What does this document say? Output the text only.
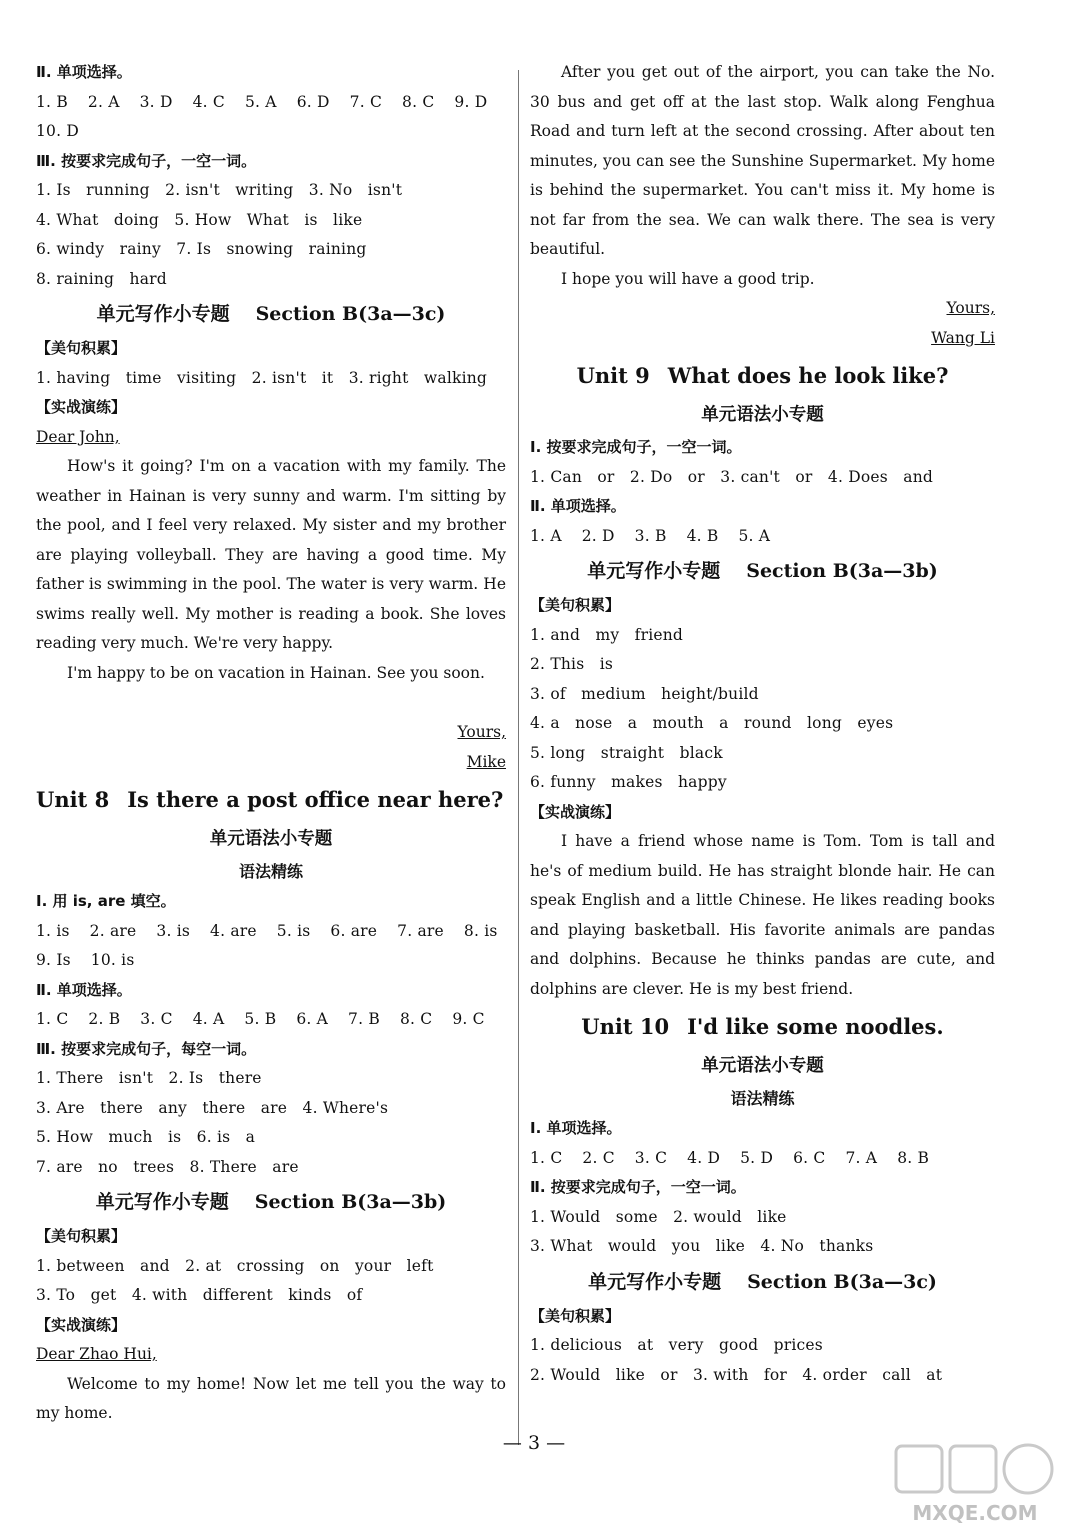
Ⅱ. 单项选择。
1. B 2. A 3. D 4. C 5. A 6. D 7. C 8. C 9. D
10. D
Ⅲ. 按要求完成句子，一空一词。
1. Is   running   2. isn't   writing   3. No   isn't
4. What   doing   5. How   What   is   like
6. windy   rainy   7. Is   snowing   raining
8. raining   hard
单元写作小专题 Section B(3a—3c)
【美句积累】
1. having   time   visiting   2. isn't   it   3. right   walking
【实战演练】
Dear John,
How's it going? I'm on a vacation with my family. The weather in Hainan is very sunny and warm. I'm sitting by the pool, and I feel very relaxed. My sister and my brother are playing volleyball. They are having a good time. My father is swimming in the pool. The water is very warm. He swims really well. My mother is reading a book. She loves reading very much. We're very happy.
I'm happy to be on vacation in Hainan. See you soon.
Yours,
Mike
Unit 8 Is there a post office near here?
单元语法小专题
语法精练
Ⅰ. 用 is, are 填空。
1. is 2. are 3. is 4. are 5. is 6. are 7. are 8. is
9. Is 10. is
Ⅱ. 单项选择。
1. C 2. B 3. C 4. A 5. B 6. A 7. B 8. C 9. C
Ⅲ. 按要求完成句子，每空一词。
1. There   isn't   2. Is   there
3. Are   there   any   there   are   4. Where's
5. How   much   is   6. is   a
7. are   no   trees   8. There   are
单元写作小专题 Section B(3a—3b)
【美句积累】
1. between   and   2. at   crossing   on   your   left
3. To   get   4. with   different   kinds   of
【实战演练】
Dear Zhao Hui,
Welcome to my home! Now let me tell you the way to my home.
After you get out of the airport, you can take the No. 30 bus and get off at the last stop. Walk along Fenghua Road and turn left at the second crossing. After about ten minutes, you can see the Sunshine Supermarket. My home is behind the supermarket. You can't miss it. My home is not far from the sea. We can walk there. The sea is very beautiful.
I hope you will have a good trip.
Yours,
Wang Li
Unit 9 What does he look like?
单元语法小专题
Ⅰ. 按要求完成句子，一空一词。
1. Can   or   2. Do   or   3. can't   or   4. Does   and
Ⅱ. 单项选择。
1. A 2. D 3. B 4. B 5. A
单元写作小专题 Section B(3a—3b)
【美句积累】
1. and   my   friend
2. This   is
3. of   medium   height/build
4. a   nose   a   mouth   a   round   long   eyes
5. long   straight   black
6. funny   makes   happy
【实战演练】
I have a friend whose name is Tom. Tom is tall and he's of medium build. He has straight blonde hair. He can speak English and a little Chinese. He likes reading books and playing basketball. His favorite animals are pandas and dolphins. Because he thinks pandas are cute, and dolphins are clever. He is my best friend.
Unit 10 I'd like some noodles.
单元语法小专题
语法精练
Ⅰ. 单项选择。
1. C 2. C 3. C 4. D 5. D 6. C 7. A 8. B
Ⅱ. 按要求完成句子，一空一词。
1. Would   some   2. would   like
3. What   would   you   like   4. No   thanks
单元写作小专题 Section B(3a—3c)
【美句积累】
1. delicious   at   very   good   prices
2. Would   like   or   3. with   for   4. order   call   at
— 3 —
MXQE.COM
